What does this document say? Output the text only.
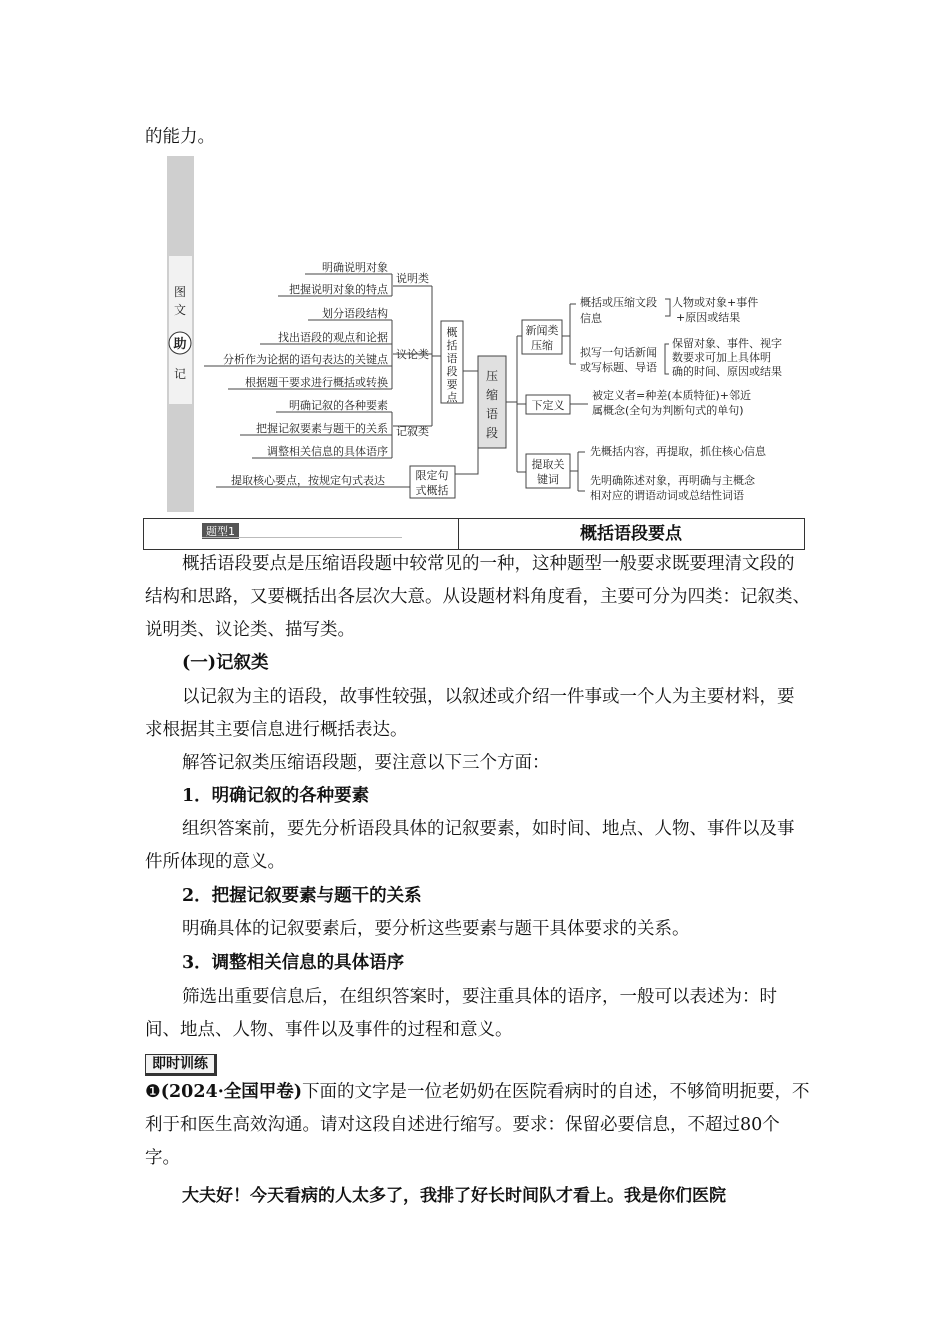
的能力。
图
文
助
记
明确说明对象
把握说明对象的特点
说明类
划分语段结构
找出语段的观点和论据
分析作为论据的语句表达的关键点
根据题干要求进行概括或转换
议论类
明确记叙的各种要素
把握记叙要素与题干的关系
调整相关信息的具体语序
记叙类
提取核心要点，按规定句式表达	限定句
式概括
概
括
语
段
要
点
压
缩
语
段
新闻类
压缩
概括或压缩文段
信息
人物或对象+事件
+原因或结果
拟写一句话新闻
或写标题、导语
保留对象、事件、视字
数要求可加上具体明
确的时间、原因或结果
下定义
被定义者=种差(本质特征)+邻近
属概念(全句为判断句式的单句)
提取关
键词
先概括内容，再提取，抓住核心信息
先明确陈述对象，再明确与主概念
相对应的谓语动词或总结性词语
题型1	概括语段要点
概括语段要点是压缩语段题中较常见的一种，这种题型一般要求既要理清文段的结构和思路，又要概括出各层次大意。从设题材料角度看，主要可分为四类：记叙类、说明类、议论类、描写类。
(一)记叙类
以记叙为主的语段，故事性较强，以叙述或介绍一件事或一个人为主要材料，要求根据其主要信息进行概括表达。
解答记叙类压缩语段题，要注意以下三个方面：
1．明确记叙的各种要素
组织答案前，要先分析语段具体的记叙要素，如时间、地点、人物、事件以及事件所体现的意义。
2．把握记叙要素与题干的关系
明确具体的记叙要素后，要分析这些要素与题干具体要求的关系。
3．调整相关信息的具体语序
筛选出重要信息后，在组织答案时，要注重具体的语序，一般可以表述为：时间、地点、人物、事件以及事件的过程和意义。
即时训练
❶(2024·全国甲卷)下面的文字是一位老奶奶在医院看病时的自述，不够简明扼要，不利于和医生高效沟通。请对这段自述进行缩写。要求：保留必要信息，不超过80个字。
大夫好！今天看病的人太多了，我排了好长时间队才看上。我是你们医院
